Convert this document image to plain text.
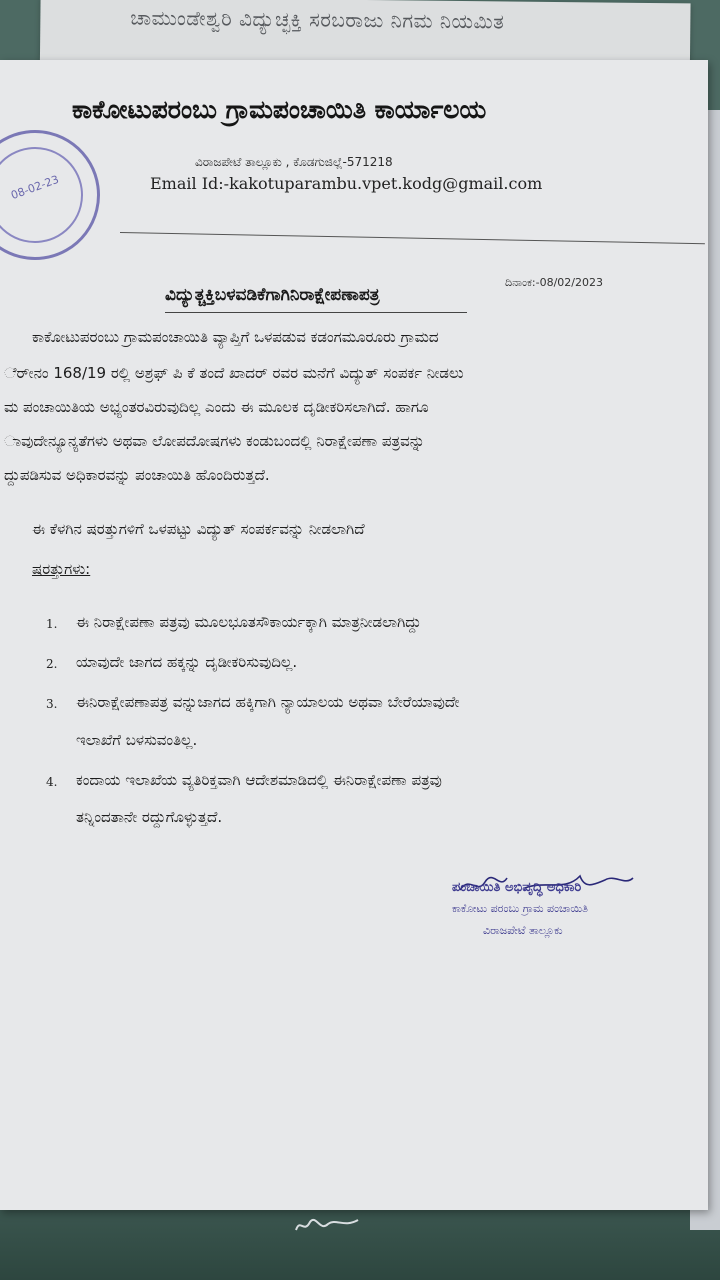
ಚಾಮುಂಡೇಶ್ವರಿ ವಿದ್ಯುಚ್ಛಕ್ತಿ ಸರಬರಾಜು ನಿಗಮ ನಿಯಮಿತ
ಕಾಕೋಟುಪರಂಬು ಗ್ರಾಮಪಂಚಾಯಿತಿ ಕಾರ್ಯಾಲಯ
ವಿರಾಜಪೇಟೆ ತಾಲ್ಲೂಕು , ಕೊಡಗುಜಿಲ್ಲೆ-571218
Email Id:-kakotuparambu.vpet.kodg@gmail.com
08-02-23
ದಿನಾಂಕ:-08/02/2023
ವಿದ್ಯುತ್ಚಕ್ತಿಬಳವಡಿಕೆಗಾಗಿನಿರಾಕ್ಷೇಪಣಾಪತ್ರ
ಕಾಕೋಟುಪರಂಬು ಗ್ರಾಮಪಂಚಾಯಿತಿ ವ್ಯಾಪ್ತಿಗೆ ಒಳಪಡುವ ಕಡಂಗಮೂರೂರು ಗ್ರಾಮದ
ರ್ೇನಂ 168/19 ರಲ್ಲಿ ಅಶ್ರಫ್ ಪಿ ಕೆ ತಂದೆ ಖಾದರ್ ರವರ ಮನೆಗೆ ವಿದ್ಯುತ್ ಸಂಪರ್ಕ ನೀಡಲು
ಮ ಪಂಚಾಯಿತಿಯ ಅಭ್ಯಂತರವಿರುವುದಿಲ್ಲ ಎಂದು ಈ ಮೂಲಕ ದೃಡೀಕರಿಸಲಾಗಿದೆ. ಹಾಗೂ
ಾವುದೇನ್ಯೂನ್ಯತೆಗಳು ಅಥವಾ ಲೋಪದೋಷಗಳು ಕಂಡುಬಂದಲ್ಲಿ ನಿರಾಕ್ಷೇಪಣಾ ಪತ್ರವನ್ನು
ದ್ದುಪಡಿಸುವ ಅಧಿಕಾರವನ್ನು ಪಂಚಾಯಿತಿ ಹೊಂದಿರುತ್ತದೆ.
ಈ ಕೆಳಗಿನ ಷರತ್ತುಗಳಿಗೆ ಒಳಪಟ್ಟು ವಿದ್ಯುತ್ ಸಂಪರ್ಕವನ್ನು ನೀಡಲಾಗಿದೆ
ಷರತ್ತುಗಳು:
1. ಈ ನಿರಾಕ್ಷೇಪಣಾ ಪತ್ರವು ಮೂಲಭೂತಸೌಕಾರ್ಯಕ್ಕಾಗಿ ಮಾತ್ರನೀಡಲಾಗಿದ್ದು
2. ಯಾವುದೇ ಜಾಗದ ಹಕ್ಕನ್ನು ದೃಡೀಕರಿಸುವುದಿಲ್ಲ.
3. ಈನಿರಾಕ್ಷೇಪಣಾಪತ್ರ ವನ್ನುಜಾಗದ ಹಕ್ಕಿಗಾಗಿ ನ್ಯಾಯಾಲಯ ಅಥವಾ ಬೇರೆಯಾವುದೇ
ಇಲಾಖೆಗೆ ಬಳಸುವಂತಿಲ್ಲ.
4. ಕಂದಾಯ ಇಲಾಖೆಯ ವ್ಯತಿರಿಕ್ತವಾಗಿ ಆದೇಶಮಾಡಿದಲ್ಲಿ ಈನಿರಾಕ್ಷೇಪಣಾ ಪತ್ರವು
ತನ್ನಿಂದತಾನೇ ರದ್ದುಗೊಳ್ಳುತ್ತದೆ.
ಪಂಚಾಯಿತಿ ಅಭಿವೃದ್ಧಿ ಅಧಿಕಾರಿ
ಕಾಕೋಟು ಪರಂಬು ಗ್ರಾಮ ಪಂಚಾಯಿತಿ
ವಿರಾಜಪೇಟೆ ತಾಲ್ಲೂಕು
